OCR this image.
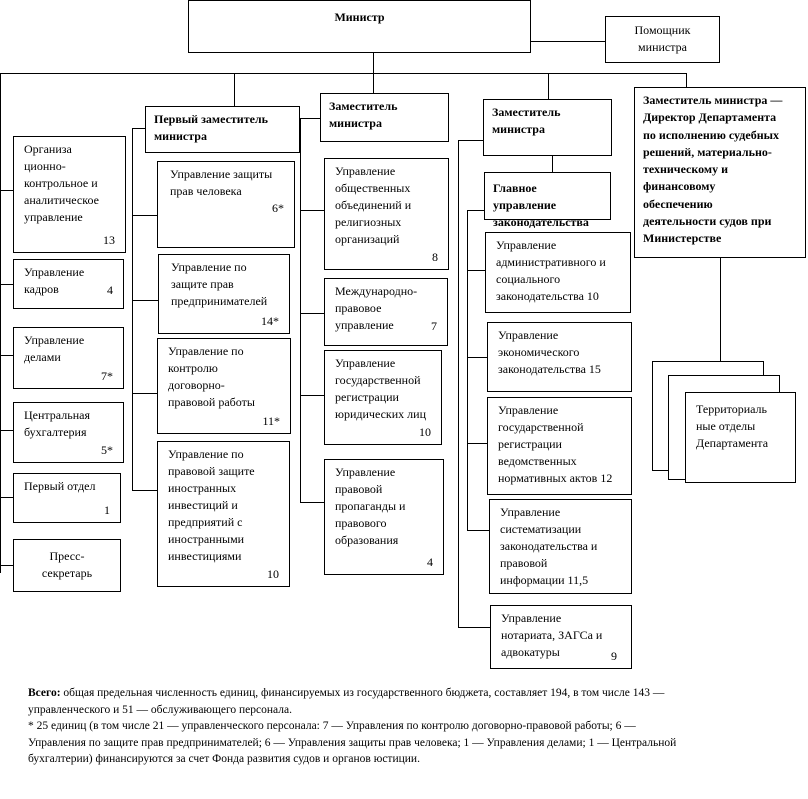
Министр
Помощник
министра
Первый заместитель
министра
Заместитель
министра
Заместитель
министра
Заместитель министра —
Директор Департамента
по исполнению судебных
решений, материально-
техническому и
финансовому
обеспечению
деятельности судов при
Министерстве
Организа
ционно-
контрольное и
аналитическое
управление
13
Управление
кадров	4
Управление
делами
7*
Центральная
бухгалтерия
5*
Первый отдел
1
Пресс-
секретарь
Управление защиты
прав человека
6*
Управление по
защите прав
предпринимателей
14*
Управление по
контролю
договорно-
правовой работы
11*
Управление по
правовой защите
иностранных
инвестиций и
предприятий с
иностранными
инвестициями
10
Управление
общественных
объединений и
религиозных
организаций
8
Международно-
правовое
управление	7
Управление
государственной
регистрации
юридических лиц
10
Управление
правовой
пропаганды и
правового
образования
4
Главное управление
законодательства
Управление
административного и
социального
законодательства 10
Управление
экономического
законодательства 15
Управление
государственной
регистрации
ведомственных
нормативных актов 12
Управление
систематизации
законодательства и
правовой
информации 11,5
Управление
нотариата, ЗАГСа и
адвокатуры	9
Территориаль
ные отделы
Департамента
Всего: общая предельная численность единиц, финансируемых из государственного бюджета, составляет 194, в том числе 143 — управленческого и 51 — обслуживающего персонала.
* 25 единиц (в том числе 21 — управленческого персонала: 7 — Управления по контролю договорно-правовой работы; 6 — Управления по защите прав предпринимателей; 6 — Управления защиты прав человека; 1 — Управления делами; 1 — Центральной бухгалтерии) финансируются за счет Фонда развития судов и органов юстиции.
